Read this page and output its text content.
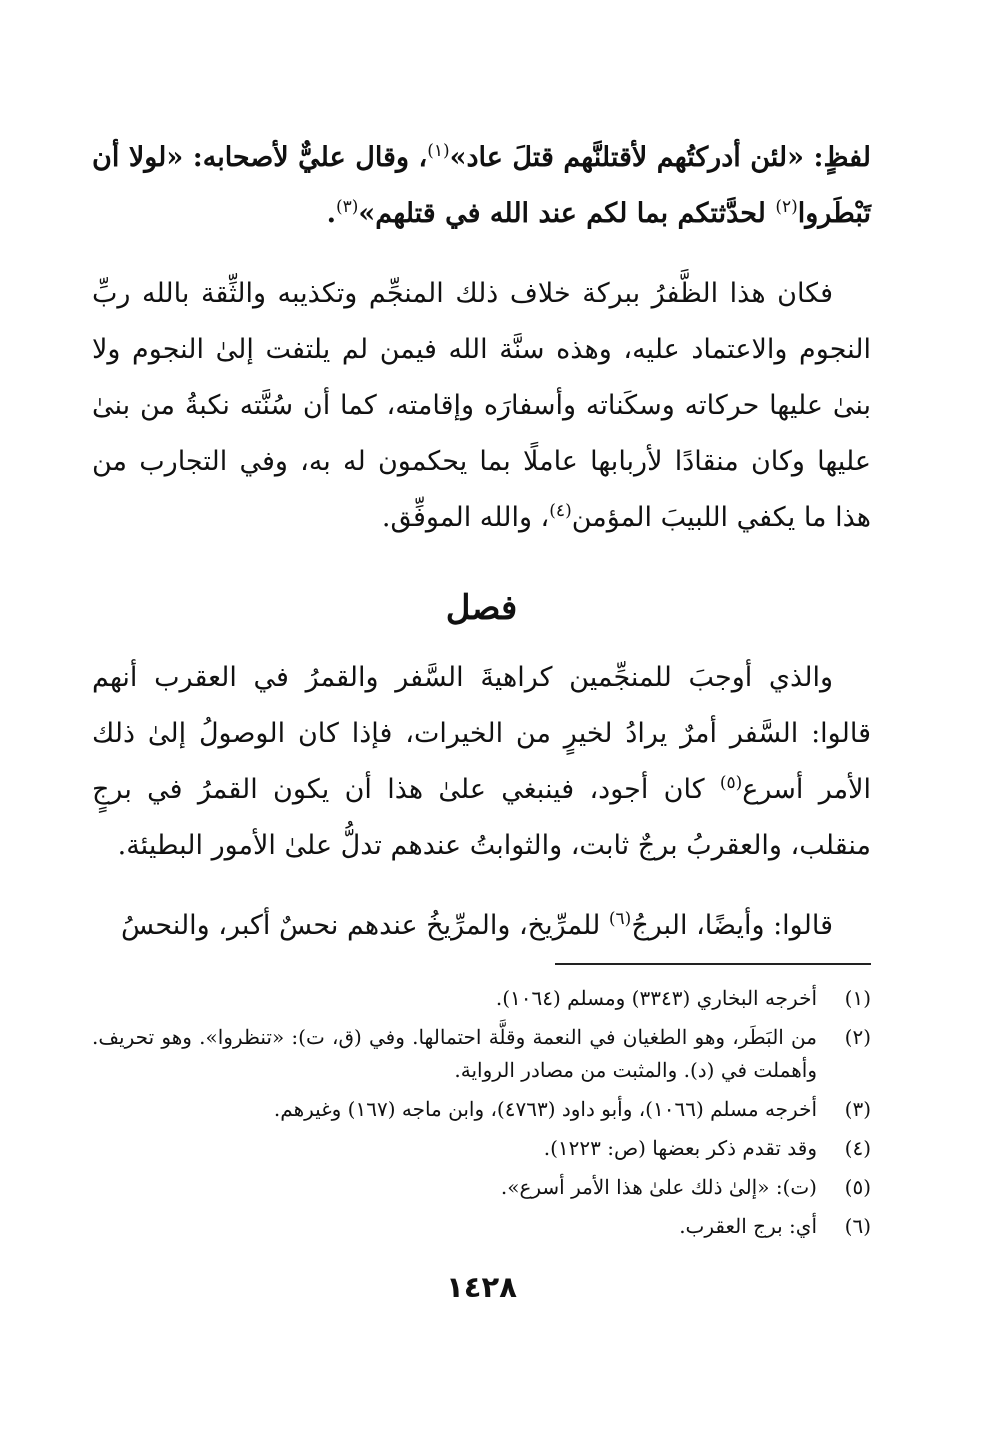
لفظٍ: «لئن أدركتُهم لأقتلنَّهم قتلَ عاد»$^{(١)}$، وقال عليٌّ لأصحابه: «لولا أن تَبْطَروا$^{(٢)}$ لحدَّثتكم بما لكم عند الله في قتلهم»$^{(٣)}$.

فكان هذا الظَّفرُ ببركة خلاف ذلك المنجِّم وتكذيبه والثِّقة بالله ربِّ النجوم والاعتماد عليه، وهذه سنَّة الله فيمن لم يلتفت إلىٰ النجوم ولا بنىٰ عليها حركاته وسكَناته وأسفارَه وإقامته، كما أن سُنَّته نكبةُ من بنىٰ عليها وكان منقادًا لأربابها عاملًا بما يحكمون له به، وفي التجارب من هذا ما يكفي اللبيبَ المؤمن$^{(٤)}$، والله الموفِّق.

فصل

والذي أوجبَ للمنجِّمين كراهيةَ السَّفر والقمرُ في العقرب أنهم قالوا: السَّفر أمرٌ يرادُ لخيرٍ من الخيرات، فإذا كان الوصولُ إلىٰ ذلك الأمر أسرع$^{(٥)}$ كان أجود، فينبغي علىٰ هذا أن يكون القمرُ في برجٍ منقلب، والعقربُ برجٌ ثابت، والثوابتُ عندهم تدلُّ علىٰ الأمور البطيئة.

قالوا: وأيضًا، البرجُ$^{(٦)}$ للمرِّيخ، والمرِّيخُ عندهم نحسٌ أكبر، والنحسُ

(١)
أخرجه البخاري (٣٣٤٣) ومسلم (١٠٦٤).
(٢)
من البَطَر، وهو الطغيان في النعمة وقلَّة احتمالها. وفي (ق، ت): «تنظروا». وهو تحريف. وأهملت في (د). والمثبت من مصادر الرواية.
(٣)
أخرجه مسلم (١٠٦٦)، وأبو داود (٤٧٦٣)، وابن ماجه (١٦٧) وغيرهم.
(٤)
وقد تقدم ذكر بعضها (ص: ١٢٢٣).
(٥)
(ت): «إلىٰ ذلك علىٰ هذا الأمر أسرع».
(٦)
أي: برج العقرب.
١٤٢٨
